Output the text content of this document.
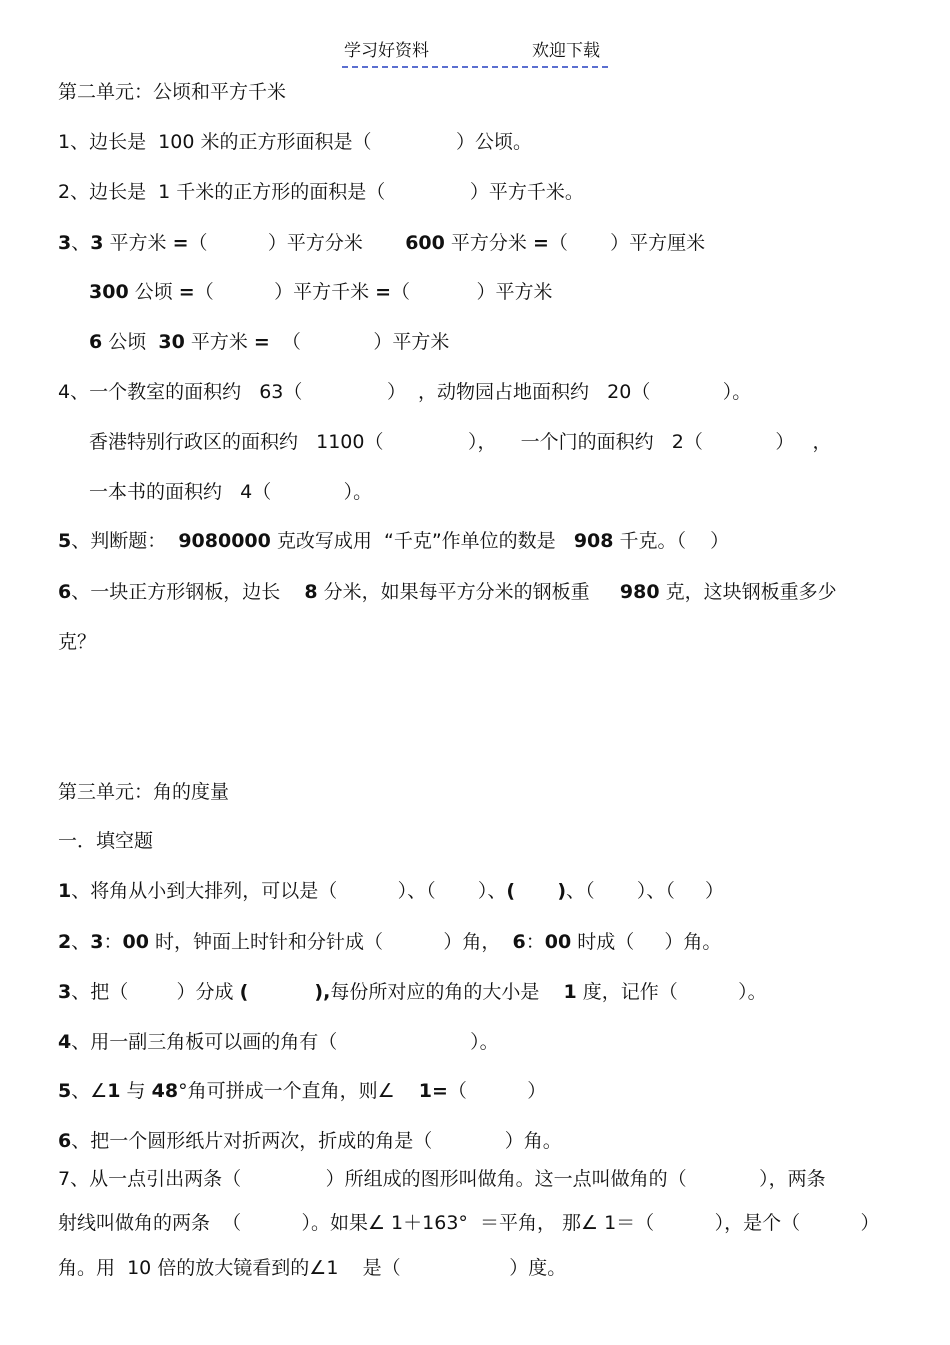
学习好资料	欢迎下载
第二单元：公顷和平方千米
1、边长是  100 米的正方形面积是（              ）公顷。
2、边长是  1 千米的正方形的面积是（              ）平方千米。
3、3 平方米 =（          ）平方分米       600 平方分米 =（       ）平方厘米
300 公顷 =（          ）平方千米 =（           ）平方米
6 公顷  30 平方米 =  （            ）平方米
4、一个教室的面积约   63（              ）  ，动物园占地面积约   20（            ）。
香港特别行政区的面积约   1100（              ），    一个门的面积约   2（            ）   ，
一本书的面积约   4（            ）。
5、判断题：  9080000 克改写成用  “千克”作单位的数是   908 千克。（    ）
6、一块正方形钢板，边长    8 分米，如果每平方分米的钢板重     980 克，这块钢板重多少
克？
第三单元：角的度量
一．填空题
1、将角从小到大排列，可以是（          ）、（       ）、( )、（       ）、（     ）
2、3：00 时，钟面上时针和分针成（          ）角，  6：00 时成（     ）角。
3、把（        ）分成 (          ),每份所对应的角的大小是    1 度，记作（          ）。
4、用一副三角板可以画的角有（                      ）。
5、∠1 与 48°角可拼成一个直角，则∠    1=（          ）
6、把一个圆形纸片对折两次，折成的角是（            ）角。
7、从一点引出两条（              ）所组成的图形叫做角。这一点叫做角的（            ），两条
射线叫做角的两条  （          ）。如果∠ 1＋163°  ＝平角， 那∠ 1＝（          ），是个（          ）
角。用  10 倍的放大镜看到的∠1    是（                  ）度。
